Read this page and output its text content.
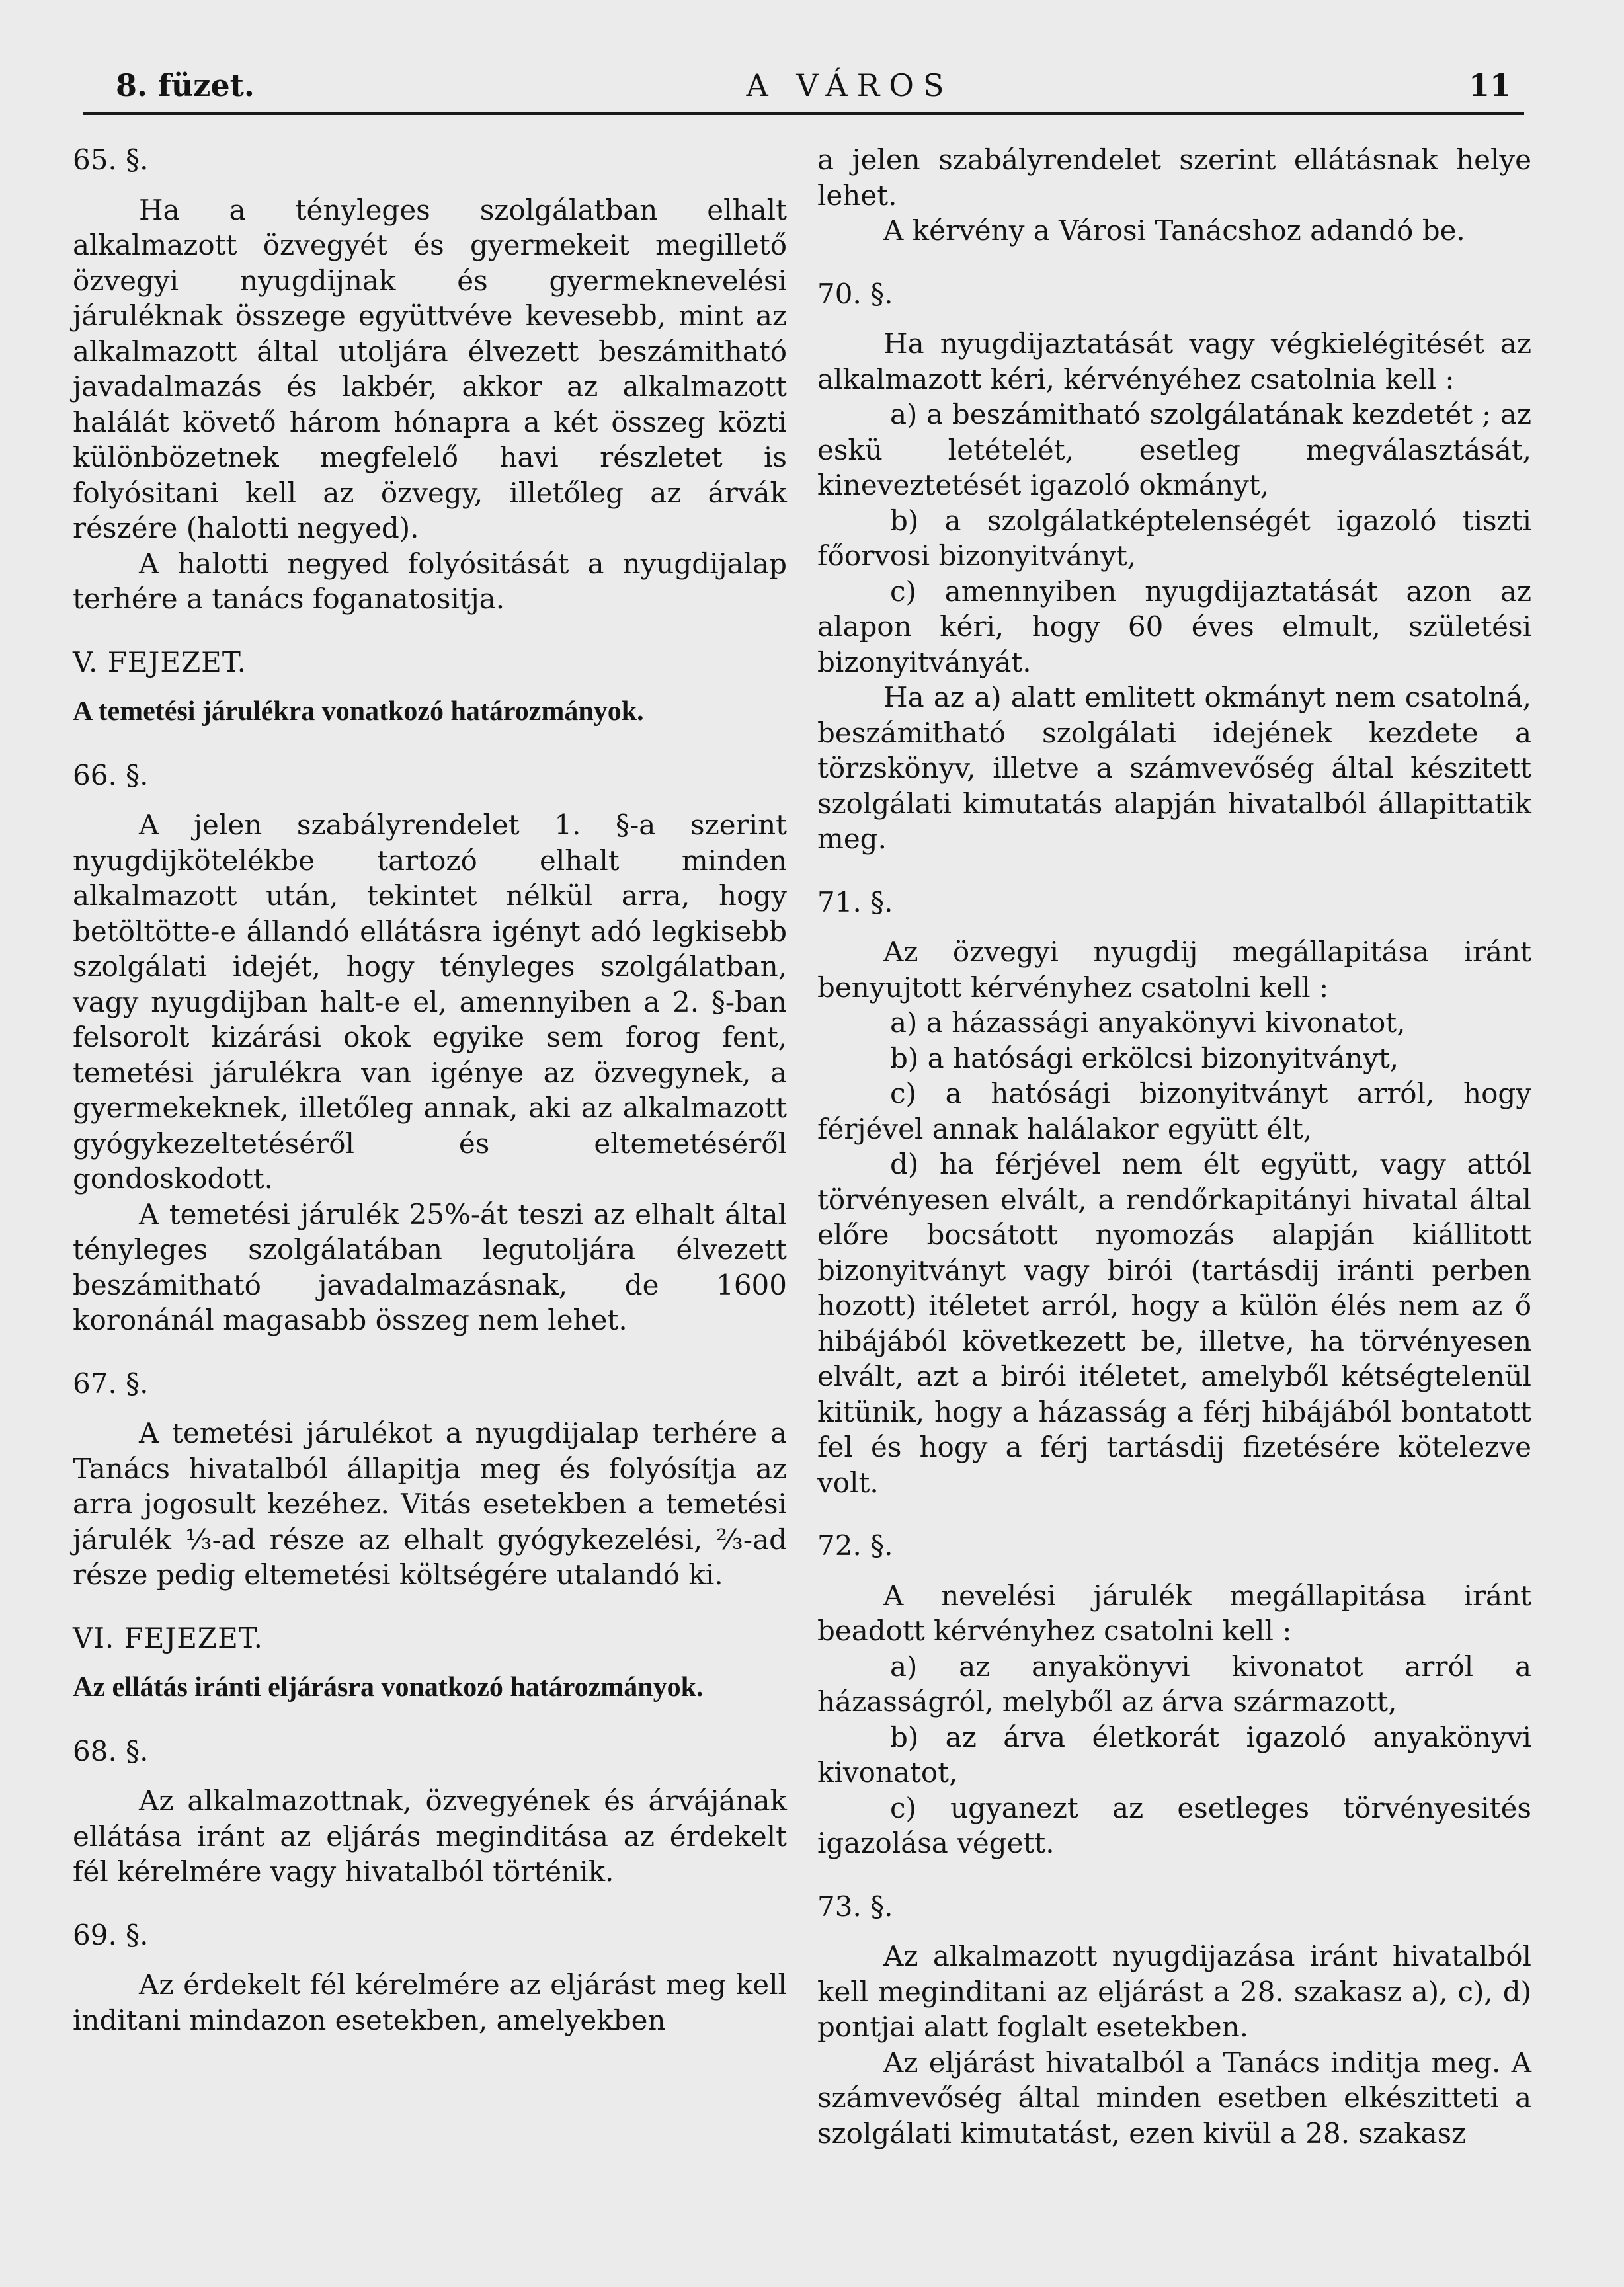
8. füzet.	A VÁROS	11

65. §.

Ha a tényleges szolgálatban elhalt alkalmazott özvegyét és gyermekeit megillető özvegyi nyugdijnak és gyermeknevelési járuléknak összege együttvéve kevesebb, mint az alkalmazott által utoljára élvezett beszámitható javadalmazás és lakbér, akkor az alkalmazott halálát követő három hónapra a két összeg közti különbözetnek megfelelő havi részletet is folyósitani kell az özvegy, illetőleg az árvák részére (halotti negyed).

A halotti negyed folyósitását a nyugdijalap terhére a tanács foganatositja.

V. FEJEZET.

A temetési járulékra vonatkozó határozmányok.

66. §.

A jelen szabályrendelet 1. §-a szerint nyugdijkötelékbe tartozó elhalt minden alkalmazott után, tekintet nélkül arra, hogy betöltötte-e állandó ellátásra igényt adó legkisebb szolgálati idejét, hogy tényleges szolgálatban, vagy nyugdijban halt-e el, amennyiben a 2. §-ban felsorolt kizárási okok egyike sem forog fent, temetési járulékra van igénye az özvegynek, a gyermekeknek, illetőleg annak, aki az alkalmazott gyógykezeltetéséről és eltemetéséről gondoskodott.

A temetési járulék 25%-át teszi az elhalt által tényleges szolgálatában legutoljára élvezett beszámitható javadalmazásnak, de 1600 koronánál magasabb összeg nem lehet.

67. §.

A temetési járulékot a nyugdijalap terhére a Tanács hivatalból állapitja meg és folyósítja az arra jogosult kezéhez. Vitás esetekben a temetési járulék ⅓-ad része az elhalt gyógykezelési, ⅔-ad része pedig eltemetési költségére utalandó ki.

VI. FEJEZET.

Az ellátás iránti eljárásra vonatkozó határozmányok.

68. §.

Az alkalmazottnak, özvegyének és árvájának ellátása iránt az eljárás meginditása az érdekelt fél kérelmére vagy hivatalból történik.

69. §.

Az érdekelt fél kérelmére az eljárást meg kell inditani mindazon esetekben, amelyekben

a jelen szabályrendelet szerint ellátásnak helye lehet.

A kérvény a Városi Tanácshoz adandó be.

70. §.

Ha nyugdijaztatását vagy végkielégitését az alkalmazott kéri, kérvényéhez csatolnia kell :

a) a beszámitható szolgálatának kezdetét ; az eskü letételét, esetleg megválasztását, kineveztetését igazoló okmányt,

b) a szolgálatképtelenségét igazoló tiszti főorvosi bizonyitványt,

c) amennyiben nyugdijaztatását azon az alapon kéri, hogy 60 éves elmult, születési bizonyitványát.

Ha az a) alatt emlitett okmányt nem csatolná, beszámitható szolgálati idejének kezdete a törzskönyv, illetve a számvevőség által készitett szolgálati kimutatás alapján hivatalból állapittatik meg.

71. §.

Az özvegyi nyugdij megállapitása iránt benyujtott kérvényhez csatolni kell :

a) a házassági anyakönyvi kivonatot,

b) a hatósági erkölcsi bizonyitványt,

c) a hatósági bizonyitványt arról, hogy férjével annak halálakor együtt élt,

d) ha férjével nem élt együtt, vagy attól törvényesen elvált, a rendőrkapitányi hivatal által előre bocsátott nyomozás alapján kiállitott bizonyitványt vagy birói (tartásdij iránti perben hozott) itéletet arról, hogy a külön élés nem az ő hibájából következett be, illetve, ha törvényesen elvált, azt a birói itéletet, amelyből kétségtelenül kitünik, hogy a házasság a férj hibájából bontatott fel és hogy a férj tartásdij fizetésére kötelezve volt.

72. §.

A nevelési járulék megállapitása iránt beadott kérvényhez csatolni kell :

a) az anyakönyvi kivonatot arról a házasságról, melyből az árva származott,

b) az árva életkorát igazoló anyakönyvi kivonatot,

c) ugyanezt az esetleges törvényesités igazolása végett.

73. §.

Az alkalmazott nyugdijazása iránt hivatalból kell meginditani az eljárást a 28. szakasz a), c), d) pontjai alatt foglalt esetekben.

Az eljárást hivatalból a Tanács inditja meg. A számvevőség által minden esetben elkészitteti a szolgálati kimutatást, ezen kivül a 28. szakasz
